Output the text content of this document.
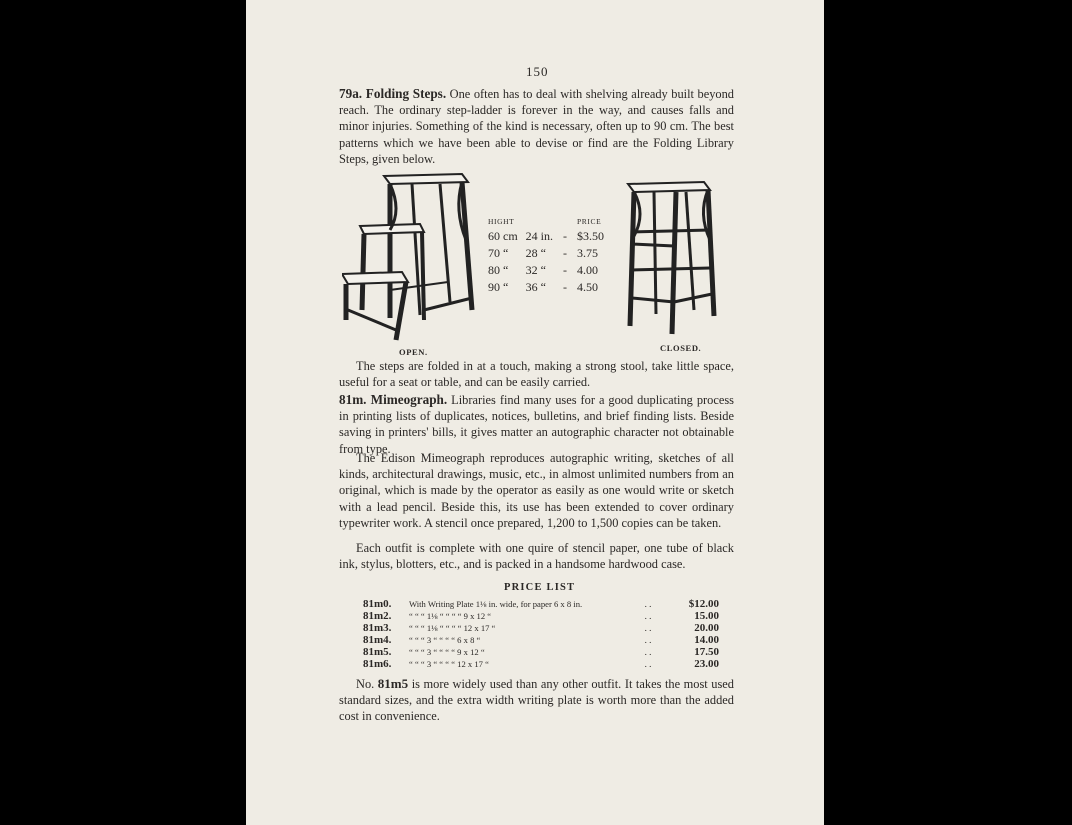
150

79a. Folding Steps. One often has to deal with shelving already built beyond reach. The ordinary step-ladder is forever in the way, and causes falls and minor injuries. Something of the kind is necessary, often up to 90 cm. The best patterns which we have been able to devise or find are the Folding Library Steps, given below.

OPEN.
HIGHT			PRICE
60 cm	24 in.	-	$3.50
70 “	28 “	-	3.75
80 “	32 “	-	4.00
90 “	36 “	-	4.50
CLOSED.

The steps are folded in at a touch, making a strong stool, take little space, useful for a seat or table, and can be easily carried.

81m. Mimeograph. Libraries find many uses for a good duplicating process in printing lists of duplicates, notices, bulletins, and brief finding lists. Beside saving in printers' bills, it gives matter an autographic character not obtainable from type.

The Edison Mimeograph reproduces autographic writing, sketches of all kinds, architectural drawings, music, etc., in almost unlimited numbers from an original, which is made by the operator as easily as one would write or sketch with a lead pencil. Beside this, its use has been extended to cover ordinary typewriter work. A stencil once prepared, 1,200 to 1,500 copies can be taken.

Each outfit is complete with one quire of stencil paper, one tube of black ink, stylus, blotters, etc., and is packed in a handsome hardwood case.

PRICE LIST
81m0.	With Writing Plate 1⅛ in. wide, for paper 6 x 8 in.	. .	$12.00
81m2.	“ “ “ 1⅛ “ “ “ “ 9 x 12 “	. .	15.00
81m3.	“ “ “ 1⅛ “ “ “ “ 12 x 17 “	. .	20.00
81m4.	“ “ “ 3 “ “ “ “ 6 x 8 “	. .	14.00
81m5.	“ “ “ 3 “ “ “ “ 9 x 12 “	. .	17.50
81m6.	“ “ “ 3 “ “ “ “ 12 x 17 “	. .	23.00

No. 81m5 is more widely used than any other outfit. It takes the most used standard sizes, and the extra width writing plate is worth more than the added cost in convenience.
